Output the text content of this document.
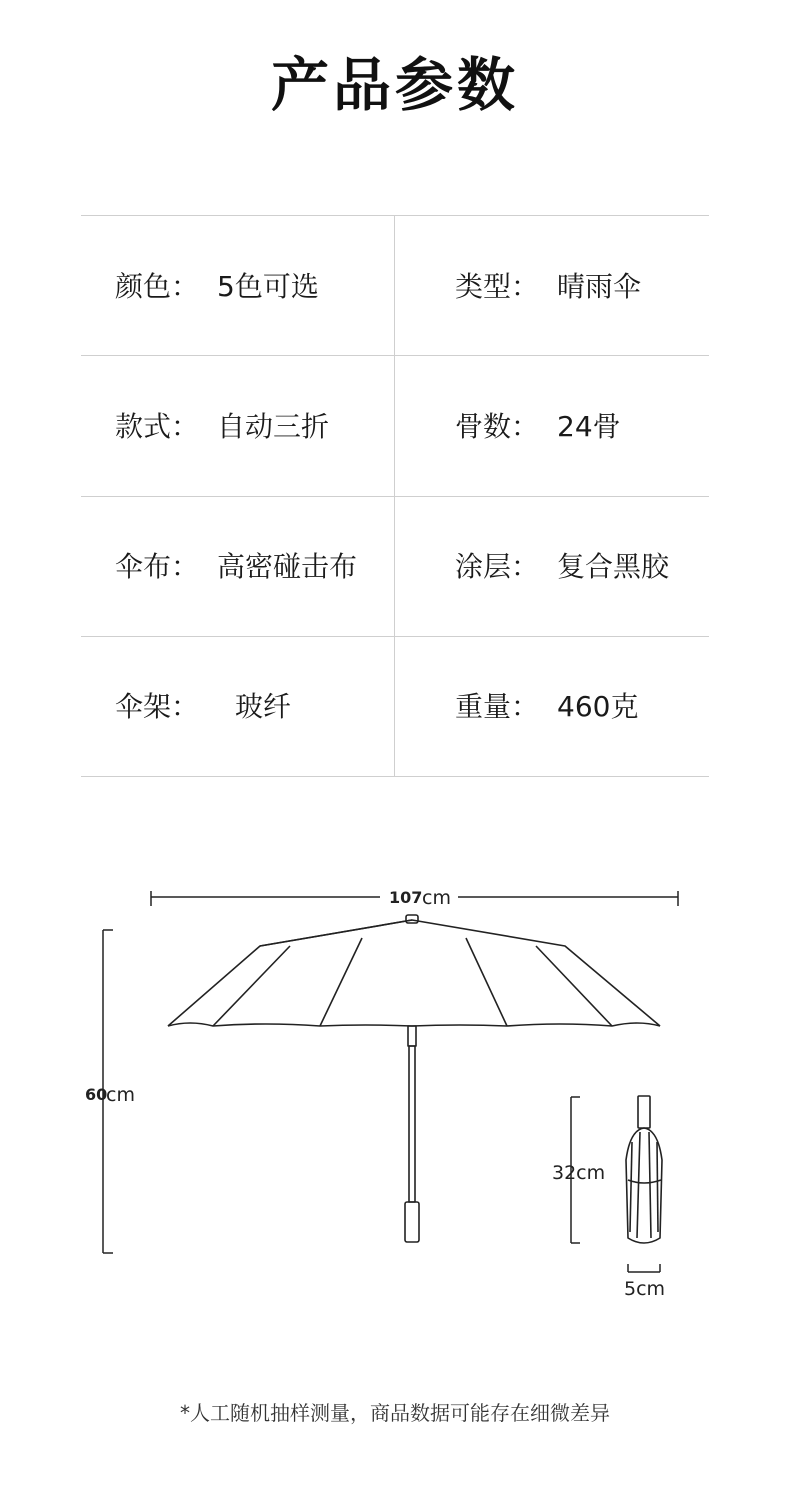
产品参数
颜色： 5色可选	类型： 晴雨伞
款式： 自动三折	骨数： 24骨
伞布： 高密碰击布	涂层： 复合黑胶
伞架： 玻纤	重量： 460克
107 cm
60
cm
32cm
5cm
*人工随机抽样测量，商品数据可能存在细微差异
